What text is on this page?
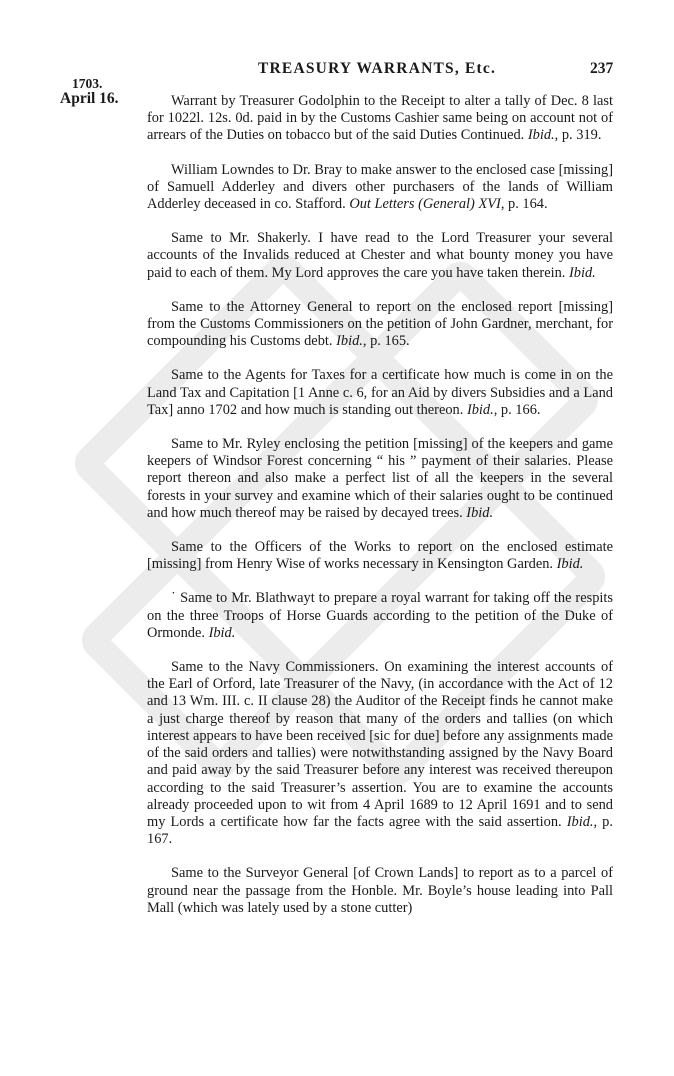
TREASURY WARRANTS, Etc.	237
1703.
April 16.	Warrant by Treasurer Godolphin to the Receipt to alter a tally of Dec. 8 last for 1022l. 12s. 0d. paid in by the Customs Cashier same being on account not of arrears of the Duties on tobacco but of the said Duties Continued. Ibid., p. 319.

William Lowndes to Dr. Bray to make answer to the enclosed case [missing] of Samuell Adderley and divers other purchasers of the lands of William Adderley deceased in co. Stafford. Out Letters (General) XVI, p. 164.

Same to Mr. Shakerly. I have read to the Lord Treasurer your several accounts of the Invalids reduced at Chester and what bounty money you have paid to each of them. My Lord approves the care you have taken therein. Ibid.

Same to the Attorney General to report on the enclosed report [missing] from the Customs Commissioners on the petition of John Gardner, merchant, for compounding his Customs debt. Ibid., p. 165.

Same to the Agents for Taxes for a certificate how much is come in on the Land Tax and Capitation [1 Anne c. 6, for an Aid by divers Subsidies and a Land Tax] anno 1702 and how much is standing out thereon. Ibid., p. 166.

Same to Mr. Ryley enclosing the petition [missing] of the keepers and game keepers of Windsor Forest concerning “ his ” payment of their salaries. Please report thereon and also make a perfect list of all the keepers in the several forests in your survey and examine which of their salaries ought to be continued and how much thereof may be raised by decayed trees. Ibid.

Same to the Officers of the Works to report on the enclosed estimate [missing] from Henry Wise of works necessary in Kensington Garden. Ibid.

˙ Same to Mr. Blathwayt to prepare a royal warrant for taking off the respits on the three Troops of Horse Guards according to the petition of the Duke of Ormonde. Ibid.

Same to the Navy Commissioners. On examining the interest accounts of the Earl of Orford, late Treasurer of the Navy, (in accordance with the Act of 12 and 13 Wm. III. c. II clause 28) the Auditor of the Receipt finds he cannot make a just charge thereof by reason that many of the orders and tallies (on which interest appears to have been received [sic for due] before any assignments made of the said orders and tallies) were notwithstanding assigned by the Navy Board and paid away by the said Treasurer before any interest was received thereupon according to the said Treasurer’s assertion. You are to examine the accounts already proceeded upon to wit from 4 April 1689 to 12 April 1691 and to send my Lords a certificate how far the facts agree with the said assertion. Ibid., p. 167.

Same to the Surveyor General [of Crown Lands] to report as to a parcel of ground near the passage from the Honble. Mr. Boyle’s house leading into Pall Mall (which was lately used by a stone cutter)
